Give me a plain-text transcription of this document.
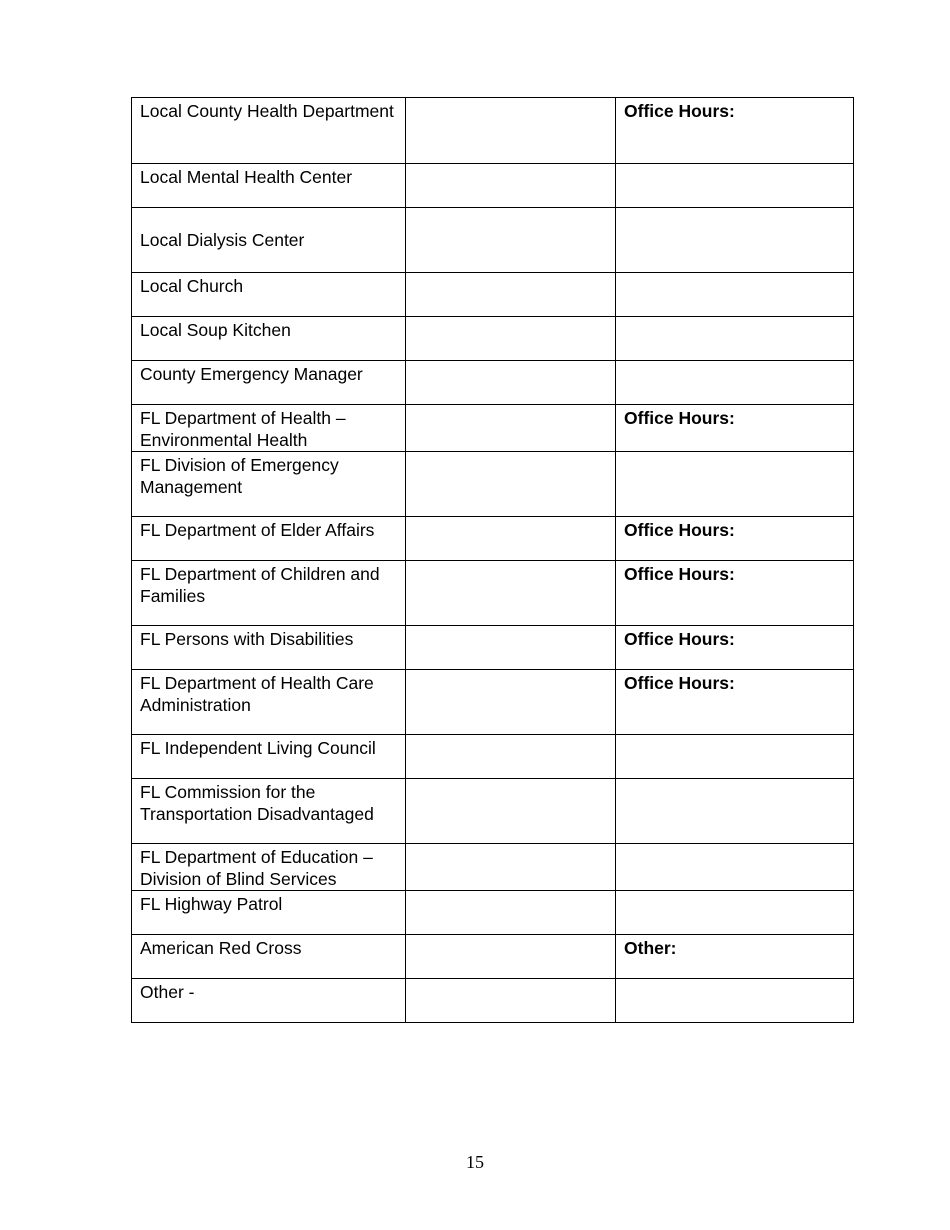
Local County Health Department		Office Hours:
Local Mental Health Center		
Local Dialysis Center		
Local Church		
Local Soup Kitchen		
County Emergency Manager		
FL Department of Health – Environmental Health		Office Hours:
FL Division of Emergency Management		
FL Department of Elder Affairs		Office Hours:
FL Department of Children and Families		Office Hours:
FL Persons with Disabilities		Office Hours:
FL Department of Health Care Administration		Office Hours:
FL Independent Living Council		
FL Commission for the Transportation Disadvantaged		
FL Department of Education – Division of Blind Services		
FL Highway Patrol		
American Red Cross		Other:
Other -		
15
